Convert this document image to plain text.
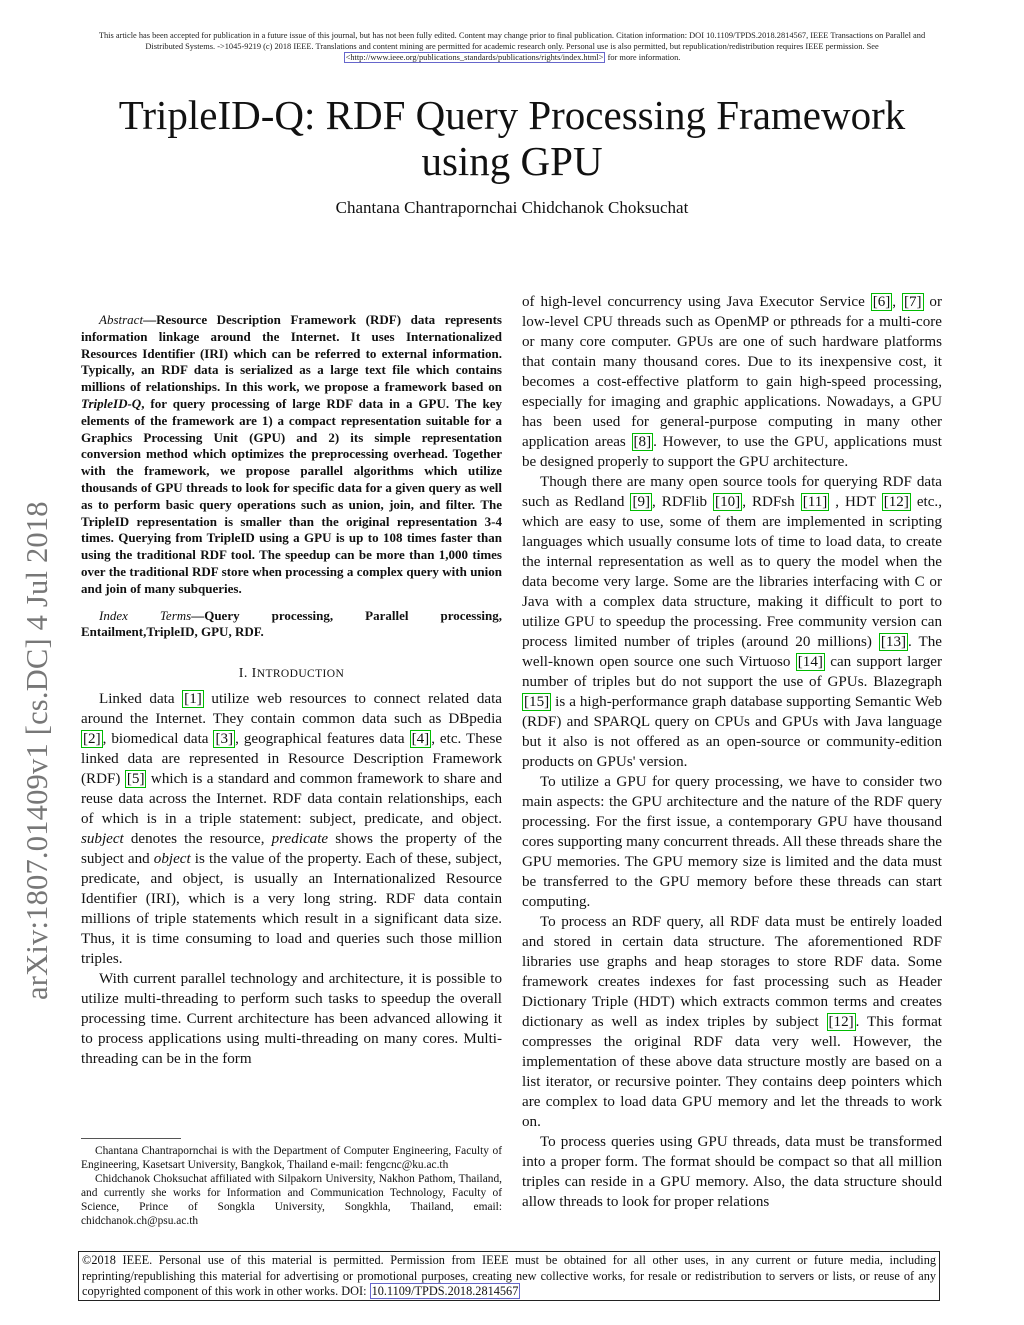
This article has been accepted for publication in a future issue of this journal, but has not been fully edited. Content may change prior to final publication. Citation information: DOI 10.1109/TPDS.2018.2814567, IEEE Transactions on Parallel and Distributed Systems. ->1045-9219 (c) 2018 IEEE. Translations and content mining are permitted for academic research only. Personal use is also permitted, but republication/redistribution requires IEEE permission. See
<http://www.ieee.org/publications_standards/publications/rights/index.html> for more information.
arXiv:1807.01409v1 [cs.DC] 4 Jul 2018
TripleID-Q: RDF Query Processing Framework using GPU
Chantana Chantrapornchai Chidchanok Choksuchat

Abstract—Resource Description Framework (RDF) data represents information linkage around the Internet. It uses Internationalized Resources Identifier (IRI) which can be referred to external information. Typically, an RDF data is serialized as a large text file which contains millions of relationships. In this work, we propose a framework based on TripleID-Q, for query processing of large RDF data in a GPU. The key elements of the framework are 1) a compact representation suitable for a Graphics Processing Unit (GPU) and 2) its simple representation conversion method which optimizes the preprocessing overhead. Together with the framework, we propose parallel algorithms which utilize thousands of GPU threads to look for specific data for a given query as well as to perform basic query operations such as union, join, and filter. The TripleID representation is smaller than the original representation 3-4 times. Querying from TripleID using a GPU is up to 108 times faster than using the traditional RDF tool. The speedup can be more than 1,000 times over the traditional RDF store when processing a complex query with union and join of many subqueries.

Index Terms—Query processing, Parallel processing, Entailment,TripleID, GPU, RDF.

I. INTRODUCTION

Linked data [1] utilize web resources to connect related data around the Internet. They contain common data such as DBpedia [2] , biomedical data [3] , geographical features data [4] , etc. These linked data are represented in Resource Description Framework (RDF) [5] which is a standard and common framework to share and reuse data across the Internet. RDF data contain relationships, each of which is in a triple statement: subject, predicate, and object. subject denotes the resource, predicate shows the property of the subject and object is the value of the property. Each of these, subject, predicate, and object, is usually an Internationalized Resource Identifier (IRI), which is a very long string. RDF data contain millions of triple statements which result in a significant data size. Thus, it is time consuming to load and queries such those million triples.

With current parallel technology and architecture, it is possible to utilize multi-threading to perform such tasks to speedup the overall processing time. Current architecture has been advanced allowing it to process applications using multi-threading on many cores. Multi-threading can be in the form

Chantana Chantrapornchai is with the Department of Computer Engineering, Faculty of Engineering, Kasetsart University, Bangkok, Thailand e-mail: fengcnc@ku.ac.th

Chidchanok Choksuchat affiliated with Silpakorn University, Nakhon Pathom, Thailand, and currently she works for Information and Communication Technology, Faculty of Science, Prince of Songkla University, Songkhla, Thailand, email: chidchanok.ch@psu.ac.th

of high-level concurrency using Java Executor Service [6] , [7] or low-level CPU threads such as OpenMP or pthreads for a multi-core or many core computer. GPUs are one of such hardware platforms that contain many thousand cores. Due to its inexpensive cost, it becomes a cost-effective platform to gain high-speed processing, especially for imaging and graphic applications. Nowadays, a GPU has been used for general-purpose computing in many other application areas [8] . However, to use the GPU, applications must be designed properly to support the GPU architecture.

Though there are many open source tools for querying RDF data such as Redland [9] , RDFlib [10] , RDFsh [11] , HDT [12] etc., which are easy to use, some of them are implemented in scripting languages which usually consume lots of time to load data, to create the internal representation as well as to query the model when the data become very large. Some are the libraries interfacing with C or Java with a complex data structure, making it difficult to port to utilize GPU to speedup the processing. Free community version can process limited number of triples (around 20 millions) [13] . The well-known open source one such Virtuoso [14] can support larger number of triples but do not support the use of GPUs. Blazegraph [15] is a high-performance graph database supporting Semantic Web (RDF) and SPARQL query on CPUs and GPUs with Java language but it also is not offered as an open-source or community-edition products on GPUs' version.

To utilize a GPU for query processing, we have to consider two main aspects: the GPU architecture and the nature of the RDF query processing. For the first issue, a contemporary GPU have thousand cores supporting many concurrent threads. All these threads share the GPU memories. The GPU memory size is limited and the data must be transferred to the GPU memory before these threads can start computing.

To process an RDF query, all RDF data must be entirely loaded and stored in certain data structure. The aforementioned RDF libraries use graphs and heap storages to store RDF data. Some framework creates indexes for fast processing such as Header Dictionary Triple (HDT) which extracts common terms and creates dictionary as well as index triples by subject [12] . This format compresses the original RDF data very well. However, the implementation of these above data structure mostly are based on a list iterator, or recursive pointer. They contains deep pointers which are complex to load data GPU memory and let the threads to work on.

To process queries using GPU threads, data must be transformed into a proper form. The format should be compact so that all million triples can reside in a GPU memory. Also, the data structure should allow threads to look for proper relations

©2018 IEEE. Personal use of this material is permitted. Permission from IEEE must be obtained for all other uses, in any current or future media, including reprinting/republishing this material for advertising or promotional purposes, creating new collective works, for resale or redistribution to servers or lists, or reuse of any copyrighted component of this work in other works. DOI: 10.1109/TPDS.2018.2814567
